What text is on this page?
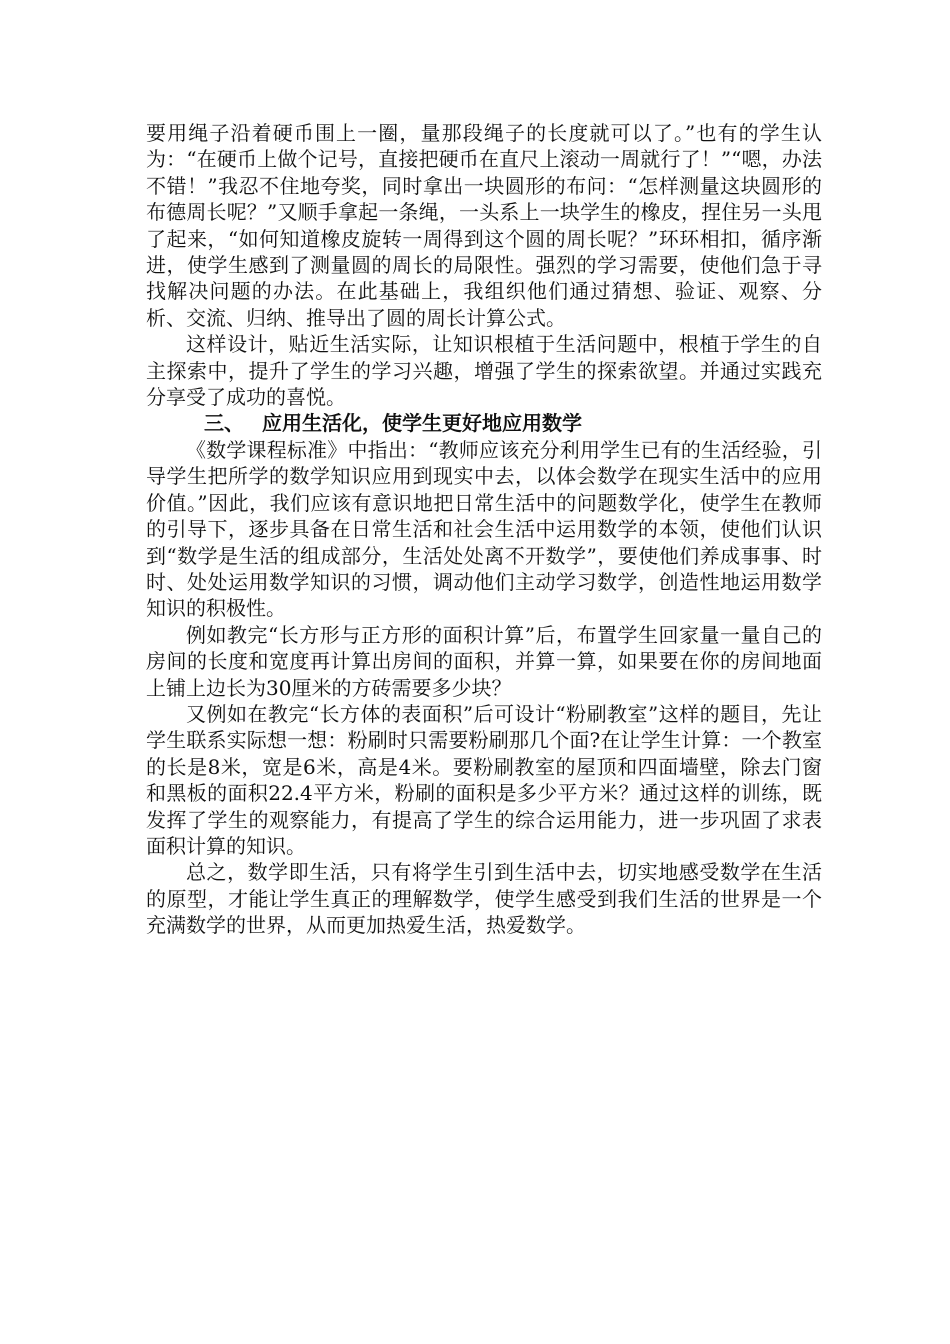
要用绳子沿着硬币围上一圈，量那段绳子的长度就可以了。”也有的学生认为：“在硬币上做个记号，直接把硬币在直尺上滚动一周就行了！”“嗯，办法不错！”我忍不住地夸奖，同时拿出一块圆形的布问：“怎样测量这块圆形的布德周长呢？”又顺手拿起一条绳，一头系上一块学生的橡皮，捏住另一头甩了起来，“如何知道橡皮旋转一周得到这个圆的周长呢？”环环相扣，循序渐进，使学生感到了测量圆的周长的局限性。强烈的学习需要，使他们急于寻找解决问题的办法。在此基础上，我组织他们通过猜想、验证、观察、分析、交流、归纳、推导出了圆的周长计算公式。

这样设计，贴近生活实际，让知识根植于生活问题中，根植于学生的自主探索中，提升了学生的学习兴趣，增强了学生的探索欲望。并通过实践充分享受了成功的喜悦。

三、 应用生活化，使学生更好地应用数学

《数学课程标准》中指出：“教师应该充分利用学生已有的生活经验，引导学生把所学的数学知识应用到现实中去，以体会数学在现实生活中的应用价值。”因此，我们应该有意识地把日常生活中的问题数学化，使学生在教师的引导下，逐步具备在日常生活和社会生活中运用数学的本领，使他们认识到“数学是生活的组成部分，生活处处离不开数学”，要使他们养成事事、时时、处处运用数学知识的习惯，调动他们主动学习数学，创造性地运用数学知识的积极性。

例如教完“长方形与正方形的面积计算”后，布置学生回家量一量自己的房间的长度和宽度再计算出房间的面积，并算一算，如果要在你的房间地面上铺上边长为30厘米的方砖需要多少块？

又例如在教完“长方体的表面积”后可设计“粉刷教室”这样的题目，先让学生联系实际想一想：粉刷时只需要粉刷那几个面?在让学生计算：一个教室的长是8米，宽是6米，高是4米。要粉刷教室的屋顶和四面墙壁，除去门窗和黑板的面积22.4平方米，粉刷的面积是多少平方米？通过这样的训练，既发挥了学生的观察能力，有提高了学生的综合运用能力，进一步巩固了求表面积计算的知识。

总之，数学即生活，只有将学生引到生活中去，切实地感受数学在生活的原型，才能让学生真正的理解数学，使学生感受到我们生活的世界是一个充满数学的世界，从而更加热爱生活，热爱数学。
